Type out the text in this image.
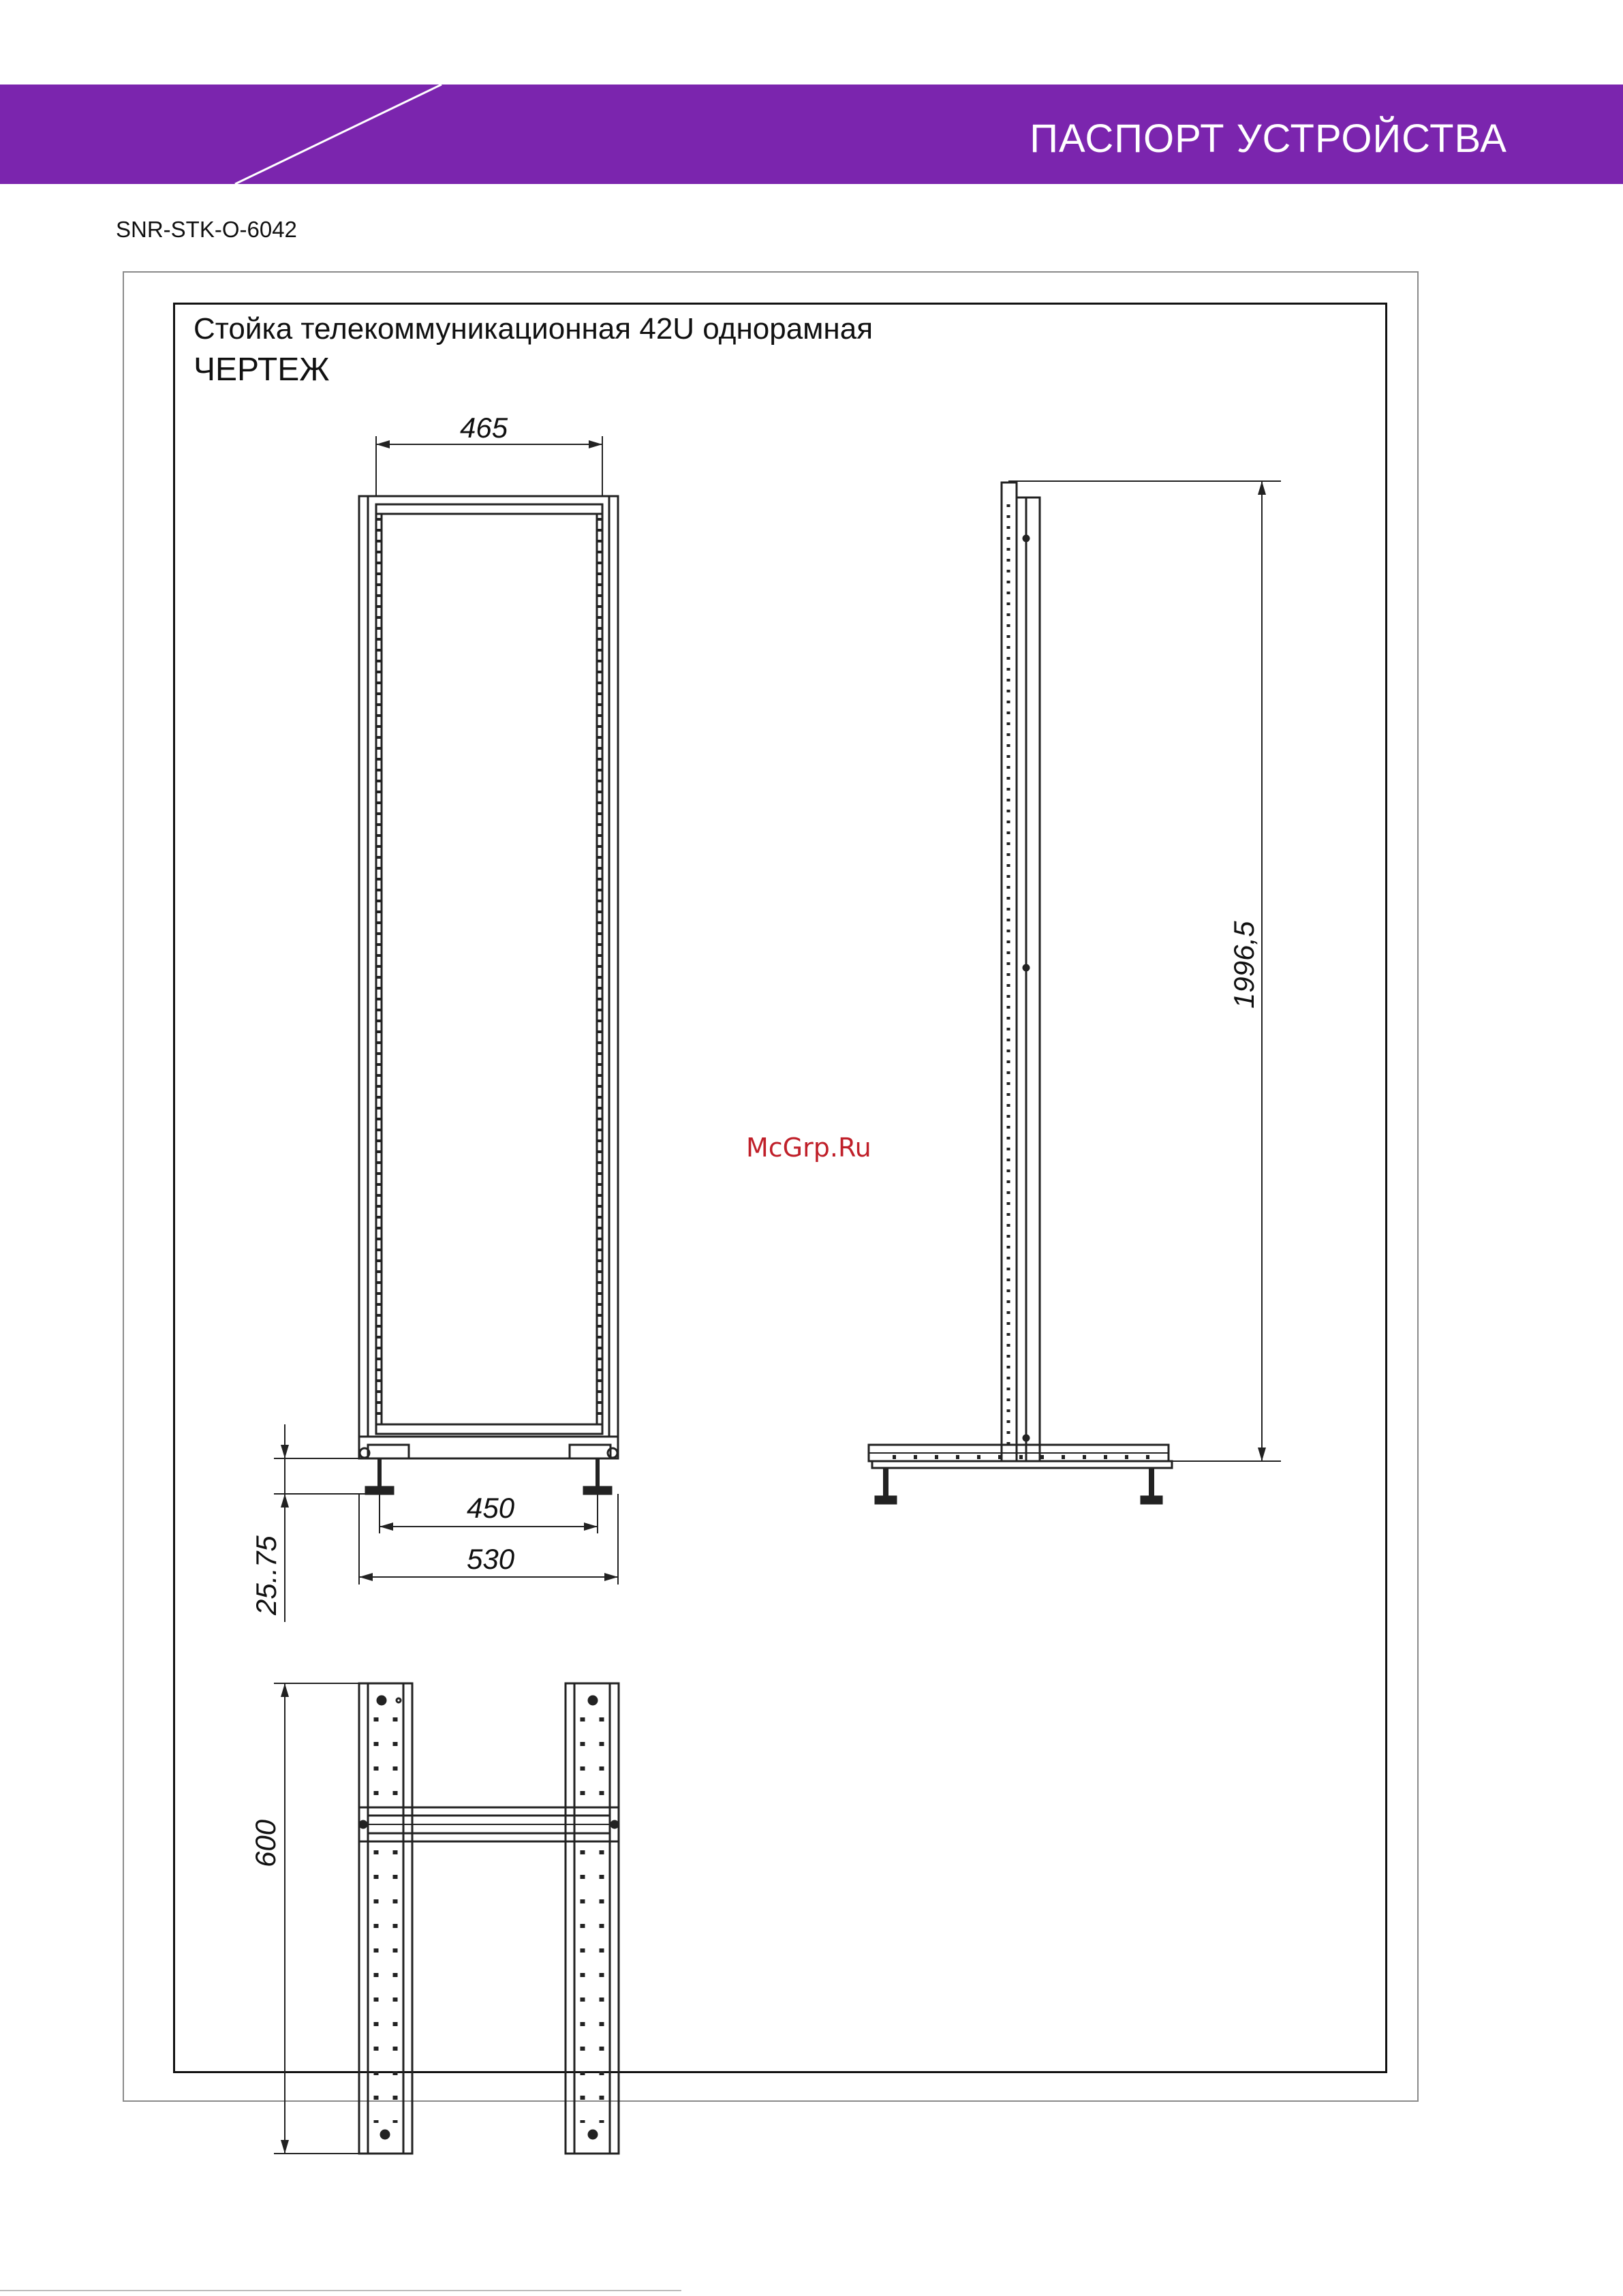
ПАСПОРТ УСТРОЙСТВА
SNR-STK-O-6042
Стойка телекоммуникационная 42U однорамная
ЧЕРТЕЖ
465
450
530
25..75
1996,5
600
McGrp.Ru
